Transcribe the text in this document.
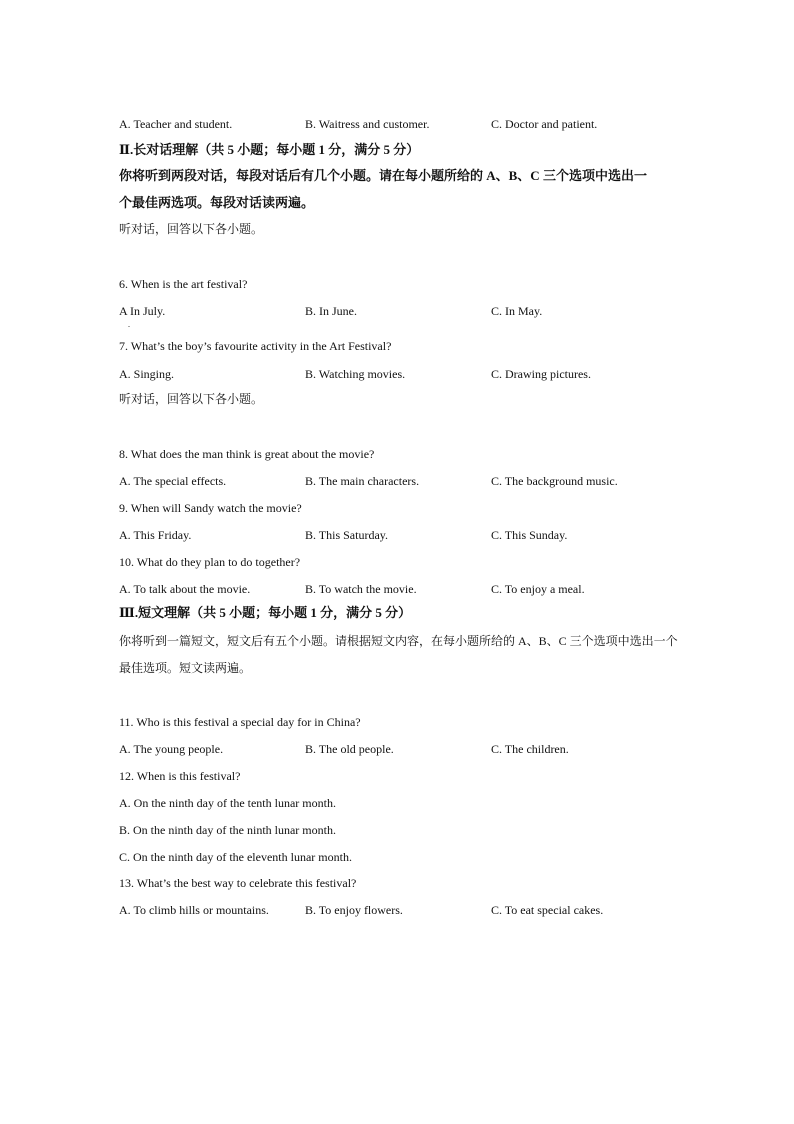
A. Teacher and student.	B. Waitress and customer.	C. Doctor and patient.
Ⅱ.长对话理解（共 5 小题；每小题 1 分，满分 5 分）
你将听到两段对话，每段对话后有几个小题。请在每小题所给的 A、B、C 三个选项中选出一
个最佳两选项。每段对话读两遍。
听对话，回答以下各小题。
6. When is the art festival?
A In July.
.
B. In June.	C. In May.
7. What’s the boy’s favourite activity in the Art Festival?
A. Singing.	B. Watching movies.	C. Drawing pictures.
听对话，回答以下各小题。
8. What does the man think is great about the movie?
A. The special effects.	B. The main characters.	C. The background music.
9. When will Sandy watch the movie?
A. This Friday.	B. This Saturday.	C. This Sunday.
10. What do they plan to do together?
A. To talk about the movie.	B. To watch the movie.	C. To enjoy a meal.
Ⅲ.短文理解（共 5 小题；每小题 1 分，满分 5 分）
你将听到一篇短文，短文后有五个小题。请根据短文内容，在每小题所给的 A、B、C 三个选项中选出一个
最佳选项。短文读两遍。
11. Who is this festival a special day for in China?
A. The young people.	B. The old people.	C. The children.
12. When is this festival?
A. On the ninth day of the tenth lunar month.
B. On the ninth day of the ninth lunar month.
C. On the ninth day of the eleventh lunar month.
13. What’s the best way to celebrate this festival?
A. To climb hills or mountains.	B. To enjoy flowers.	C. To eat special cakes.
